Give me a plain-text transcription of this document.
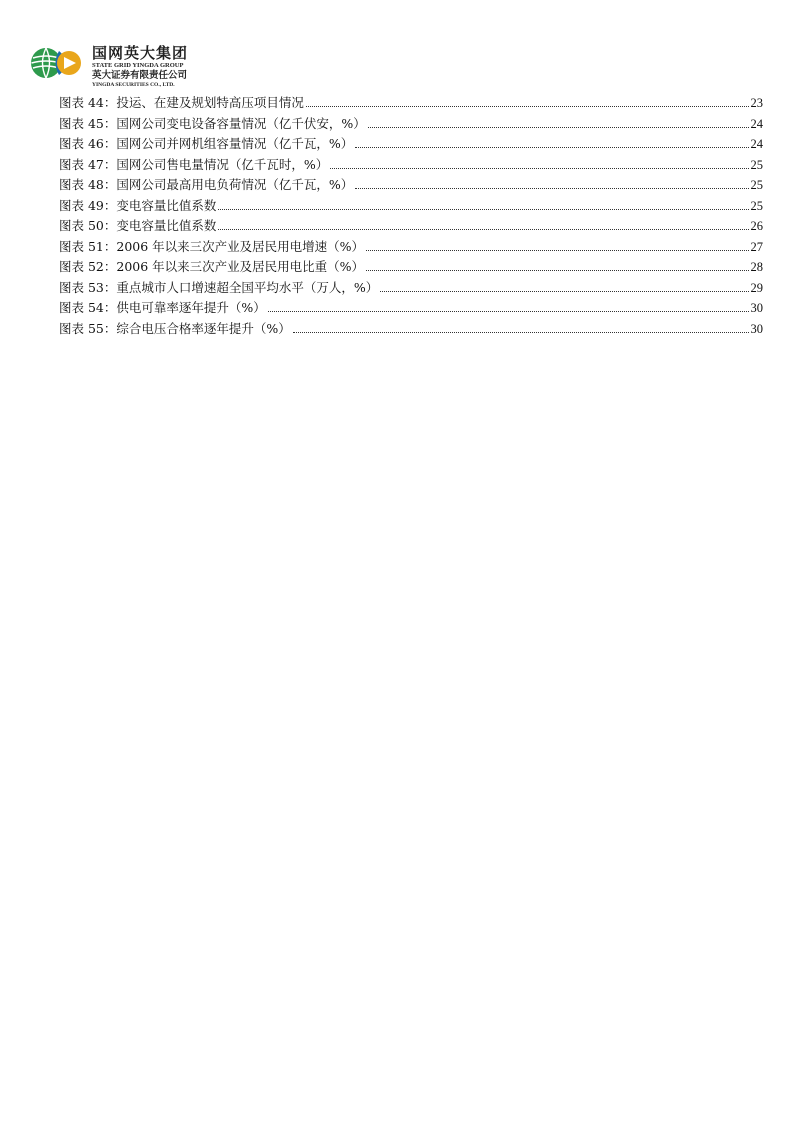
国网英大集团
STATE GRID YINGDA GROUP
英大证券有限责任公司
YINGDA SECURITIES CO., LTD.
图表 44：投运、在建及规划特高压项目情况	23
图表 45：国网公司变电设备容量情况（亿千伏安，%）	24
图表 46：国网公司并网机组容量情况（亿千瓦，%）	24
图表 47：国网公司售电量情况（亿千瓦时，%）	25
图表 48：国网公司最高用电负荷情况（亿千瓦，%）	25
图表 49：变电容量比值系数	25
图表 50：变电容量比值系数	26
图表 51：2006 年以来三次产业及居民用电增速（%）	27
图表 52：2006 年以来三次产业及居民用电比重（%）	28
图表 53：重点城市人口增速超全国平均水平（万人，%）	29
图表 54：供电可靠率逐年提升（%）	30
图表 55：综合电压合格率逐年提升（%）	30
